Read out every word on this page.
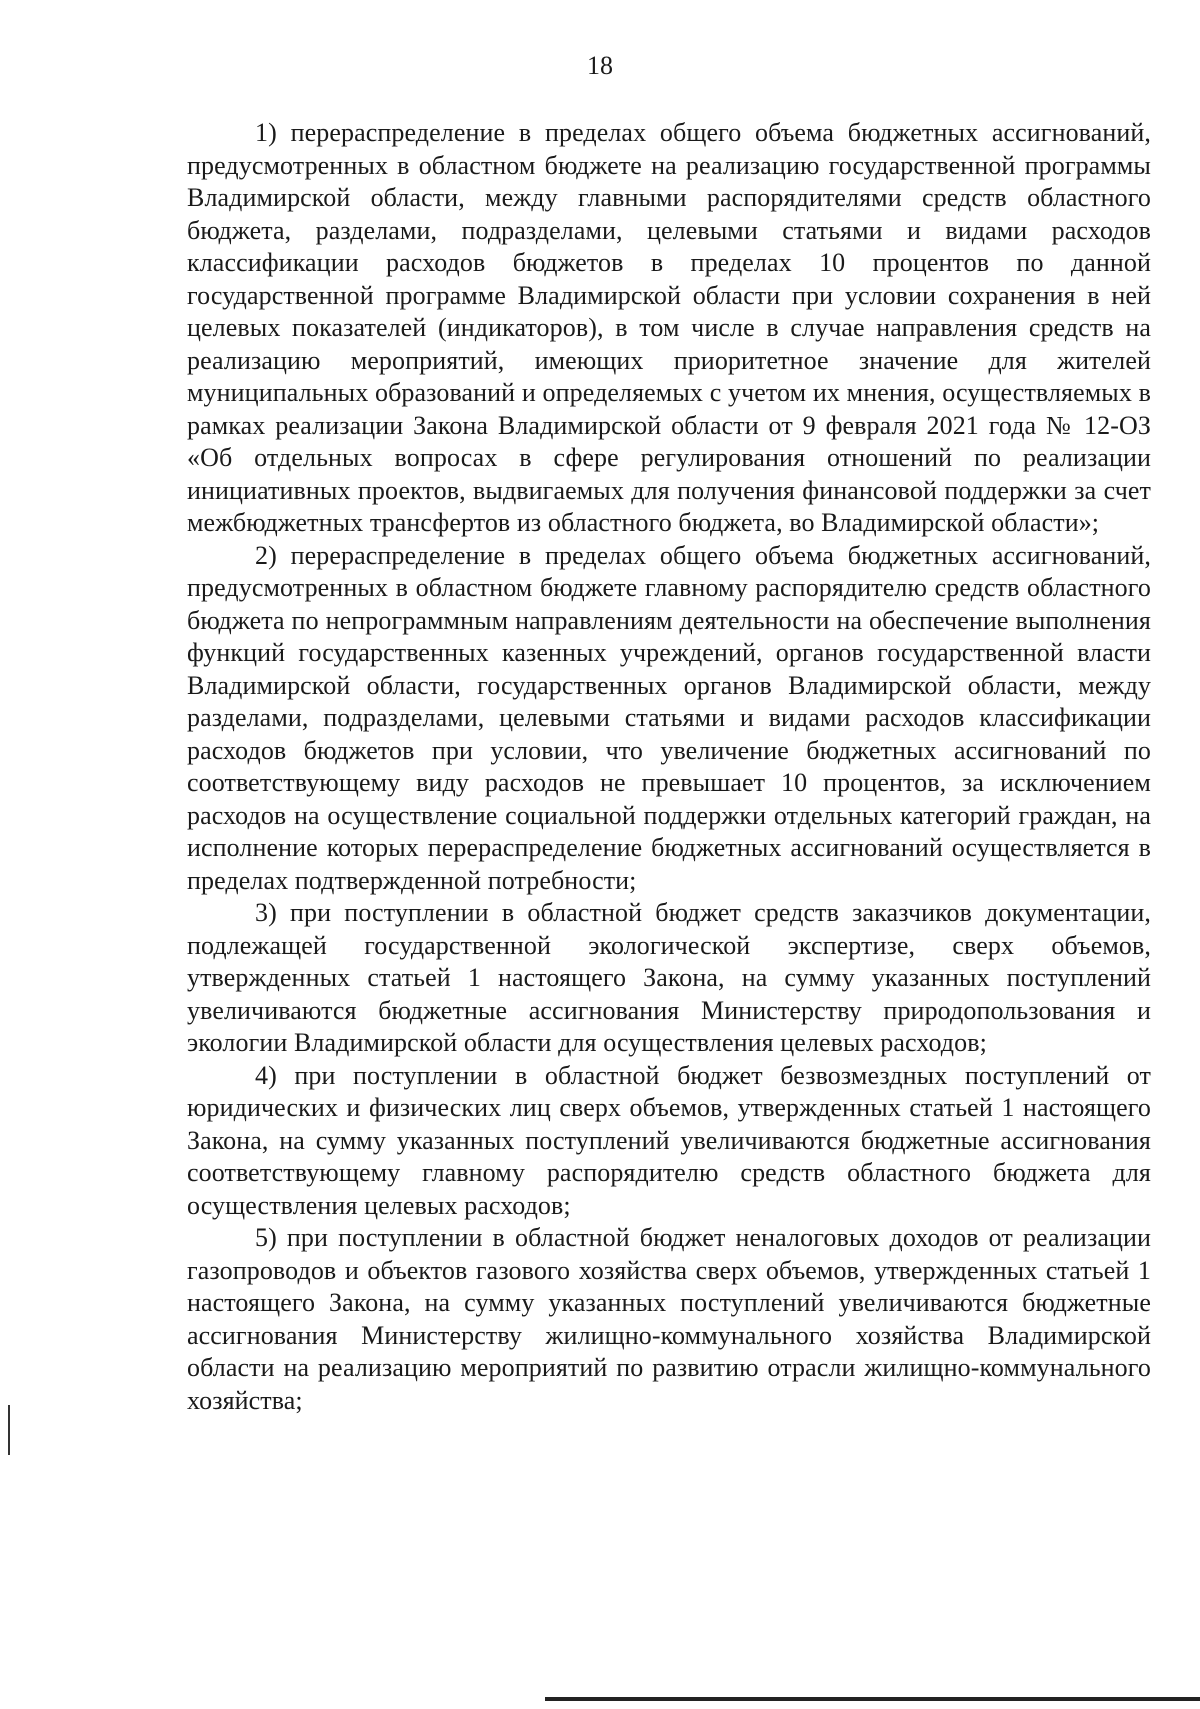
18

1) перераспределение в пределах общего объема бюджетных ассигнований, предусмотренных в областном бюджете на реализацию государственной программы Владимирской области, между главными распорядителями средств областного бюджета, разделами, подразделами, целевыми статьями и видами расходов классификации расходов бюджетов в пределах 10 процентов по данной государственной программе Владимирской области при условии сохранения в ней целевых показателей (индикаторов), в том числе в случае направления средств на реализацию мероприятий, имеющих приоритетное значение для жителей муниципальных образований и определяемых с учетом их мнения, осуществляемых в рамках реализации Закона Владимирской области от 9 февраля 2021 года № 12-ОЗ «Об отдельных вопросах в сфере регулирования отношений по реализации инициативных проектов, выдвигаемых для получения финансовой поддержки за счет межбюджетных трансфертов из областного бюджета, во Владимирской области»;

2) перераспределение в пределах общего объема бюджетных ассигнований, предусмотренных в областном бюджете главному распорядителю средств областного бюджета по непрограммным направлениям деятельности на обеспечение выполнения функций государственных казенных учреждений, органов государственной власти Владимирской области, государственных органов Владимирской области, между разделами, подразделами, целевыми статьями и видами расходов классификации расходов бюджетов при условии, что увеличение бюджетных ассигнований по соответствующему виду расходов не превышает 10 процентов, за исключением расходов на осуществление социальной поддержки отдельных категорий граждан, на исполнение которых перераспределение бюджетных ассигнований осуществляется в пределах подтвержденной потребности;

3) при поступлении в областной бюджет средств заказчиков документации, подлежащей государственной экологической экспертизе, сверх объемов, утвержденных статьей 1 настоящего Закона, на сумму указанных поступлений увеличиваются бюджетные ассигнования Министерству природопользования и экологии Владимирской области для осуществления целевых расходов;

4) при поступлении в областной бюджет безвозмездных поступлений от юридических и физических лиц сверх объемов, утвержденных статьей 1 настоящего Закона, на сумму указанных поступлений увеличиваются бюджетные ассигнования соответствующему главному распорядителю средств областного бюджета для осуществления целевых расходов;

5) при поступлении в областной бюджет неналоговых доходов от реализации газопроводов и объектов газового хозяйства сверх объемов, утвержденных статьей 1 настоящего Закона, на сумму указанных поступлений увеличиваются бюджетные ассигнования Министерству жилищно-коммунального хозяйства Владимирской области на реализацию мероприятий по развитию отрасли жилищно-коммунального хозяйства;
